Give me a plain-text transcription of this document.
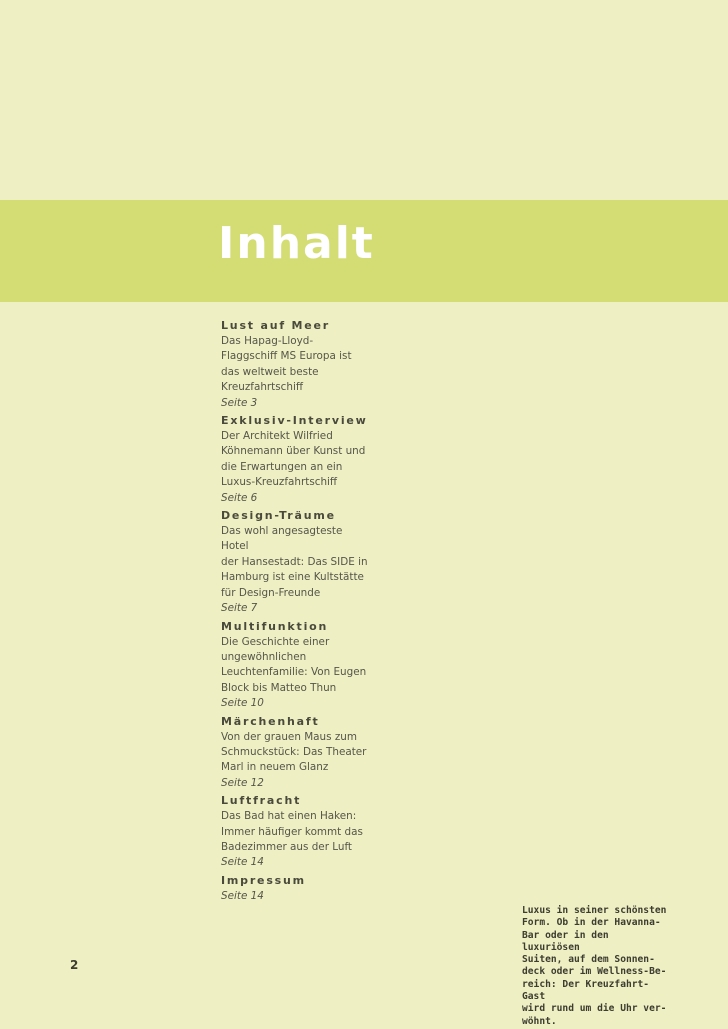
Inhalt
Lust auf Meer

Das Hapag-Lloyd-
Flaggschiff MS Europa ist
das weltweit beste
Kreuzfahrtschiff

Seite 3
Exklusiv-Interview

Der Architekt Wilfried
Köhnemann über Kunst und
die Erwartungen an ein
Luxus-Kreuzfahrtschiff

Seite 6
Design-Träume

Das wohl angesagteste Hotel
der Hansestadt: Das SIDE in
Hamburg ist eine Kultstätte
für Design-Freunde

Seite 7
Multifunktion

Die Geschichte einer
ungewöhnlichen
Leuchtenfamilie: Von Eugen
Block bis Matteo Thun

Seite 10
Märchenhaft

Von der grauen Maus zum
Schmuckstück: Das Theater
Marl in neuem Glanz

Seite 12
Luftfracht

Das Bad hat einen Haken:
Immer häufiger kommt das
Badezimmer aus der Luft

Seite 14
Impressum
Seite 14
2
Luxus in seiner schönsten
Form. Ob in der Havanna-
Bar oder in den luxuriösen
Suiten, auf dem Sonnen-
deck oder im Wellness-Be-
reich: Der Kreuzfahrt-Gast
wird rund um die Uhr ver-
wöhnt.
